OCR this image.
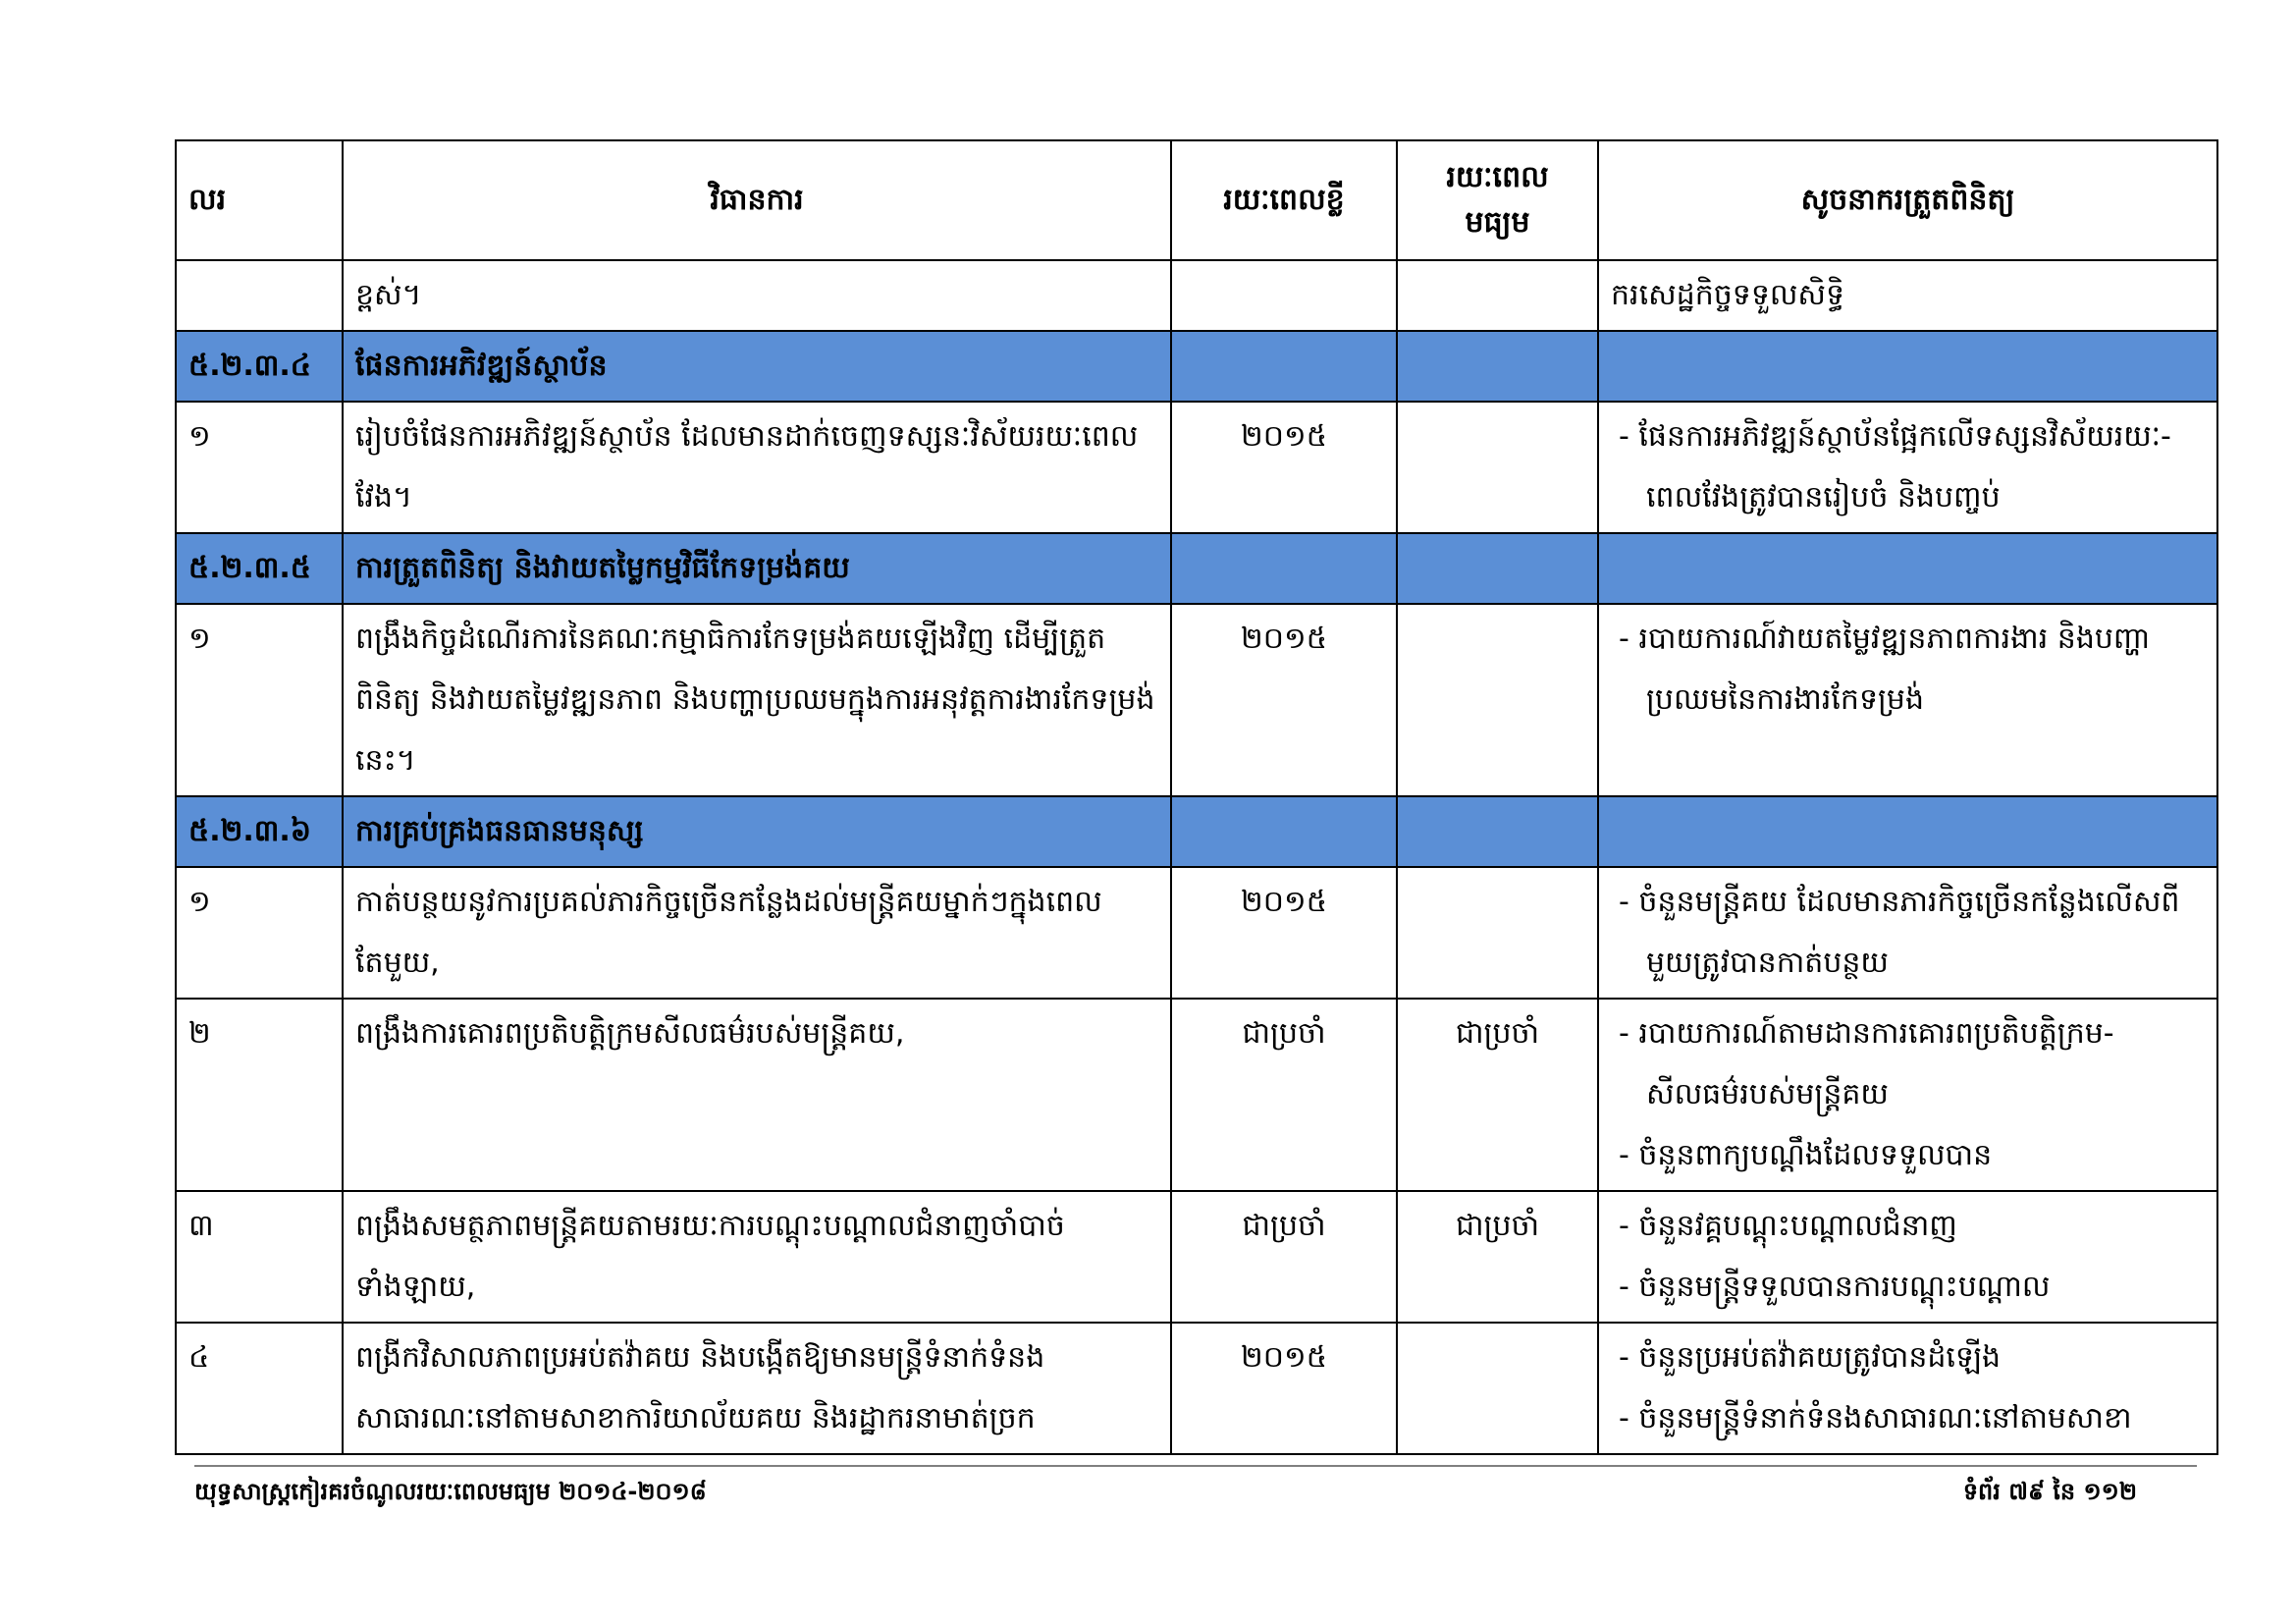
លរ	វិធានការ	រយៈពេលខ្លី	រយៈពេល មធ្យម	សូចនាករត្រួតពិនិត្យ
	ខ្ពស់។			ករសេដ្ឋកិច្ចទទួលសិទ្ធិ

៥.២.៣.៤	ផែនការអភិវឌ្ឍន៍ស្ថាប័ន			
១	រៀបចំផែនការអភិវឌ្ឍន៍ស្ថាប័ន ដែលមានដាក់ចេញទស្សនៈវិស័យរយៈពេលវែង។	២០១៥		- ផែនការអភិវឌ្ឍន៍ស្ថាប័នផ្អែកលើទស្សនវិស័យរយៈ-ពេលវែងត្រូវបានរៀបចំ និងបញ្ចប់

៥.២.៣.៥	ការត្រួតពិនិត្យ និងវាយតម្លៃកម្មវិធីកែទម្រង់គយ			
១	ពង្រឹងកិច្ចដំណើរការនៃគណៈកម្មាធិការកែទម្រង់គយឡើងវិញ ដើម្បីត្រួតពិនិត្យ និងវាយតម្លៃវឌ្ឍនភាព និងបញ្ហាប្រឈមក្នុងការអនុវត្តការងារកែទម្រង់នេះ។	២០១៥		- របាយការណ៍វាយតម្លៃវឌ្ឍនភាពការងារ និងបញ្ហាប្រឈមនៃការងារកែទម្រង់

៥.២.៣.៦	ការគ្រប់គ្រងធនធានមនុស្ស			
១	កាត់បន្ថយនូវការប្រគល់ភារកិច្ចច្រើនកន្លែងដល់មន្ត្រីគយម្នាក់ៗក្នុងពេលតែមួយ,	២០១៥		- ចំនួនមន្ត្រីគយ ដែលមានភារកិច្ចច្រើនកន្លែងលើសពីមួយត្រូវបានកាត់បន្ថយ

២	ពង្រឹងការគោរពប្រតិបត្តិក្រមសីលធម៌របស់មន្ត្រីគយ,	ជាប្រចាំ	ជាប្រចាំ	- របាយការណ៍តាមដានការគោរពប្រតិបត្តិក្រម-សីលធម៌របស់មន្ត្រីគយ
- ចំនួនពាក្យបណ្តឹងដែលទទួលបាន

៣	ពង្រឹងសមត្ថភាពមន្ត្រីគយតាមរយៈការបណ្តុះបណ្តាលជំនាញចាំបាច់ទាំងឡាយ,	ជាប្រចាំ	ជាប្រចាំ	- ចំនួនវគ្គបណ្តុះបណ្តាលជំនាញ
- ចំនួនមន្ត្រីទទួលបានការបណ្តុះបណ្តាល

៤	ពង្រីកវិសាលភាពប្រអប់តវ៉ាគយ និងបង្កើតឱ្យមានមន្ត្រីទំនាក់ទំនងសាធារណៈនៅតាមសាខាការិយាល័យគយ និងរដ្ឋាករនាមាត់ច្រក	២០១៥		- ចំនួនប្រអប់តវ៉ាគយត្រូវបានដំឡើង
- ចំនួនមន្ត្រីទំនាក់ទំនងសាធារណៈនៅតាមសាខា
យុទ្ធសាស្ត្រកៀរគរចំណូលរយៈពេលមធ្យម ២០១៤-២០១៨	ទំព័រ ៧៩ នៃ ១១២
